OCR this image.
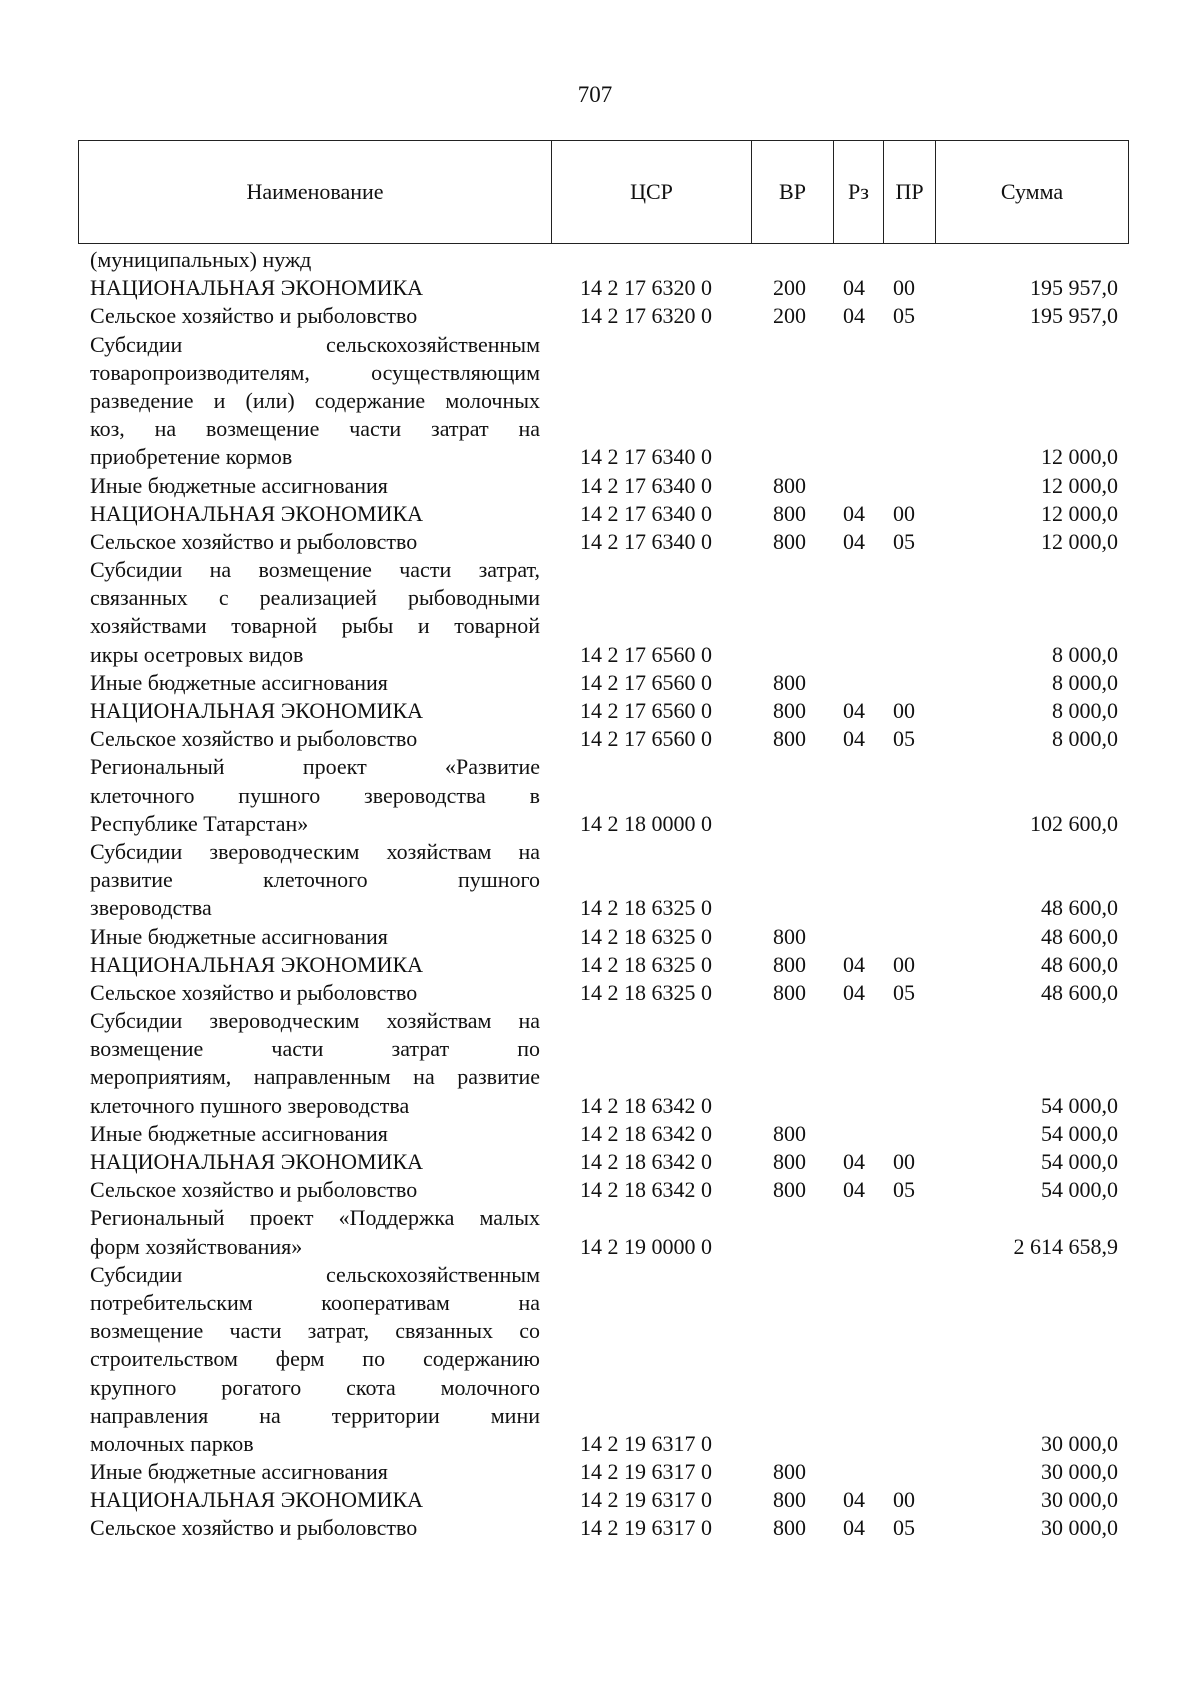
707
Наименование	ЦСР	ВР	Рз	ПР	Сумма
(муниципальных) нужд
НАЦИОНАЛЬНАЯ ЭКОНОМИКА	14 2 17 6320 0	200 04 00	195 957,0
Сельское хозяйство и рыболовство	14 2 17 6320 0	200 04 05	195 957,0
Субсидии сельскохозяйственным
товаропроизводителям, осуществляющим
разведение и (или) содержание молочных
коз, на возмещение части затрат на
приобретение кормов	14 2 17 6340 0	12 000,0
Иные бюджетные ассигнования	14 2 17 6340 0	800	12 000,0
НАЦИОНАЛЬНАЯ ЭКОНОМИКА	14 2 17 6340 0	800 04 00	12 000,0
Сельское хозяйство и рыболовство	14 2 17 6340 0	800 04 05	12 000,0
Субсидии на возмещение части затрат,
связанных с реализацией рыбоводными
хозяйствами товарной рыбы и товарной
икры осетровых видов	14 2 17 6560 0	8 000,0
Иные бюджетные ассигнования	14 2 17 6560 0	800	8 000,0
НАЦИОНАЛЬНАЯ ЭКОНОМИКА	14 2 17 6560 0	800 04 00	8 000,0
Сельское хозяйство и рыболовство	14 2 17 6560 0	800 04 05	8 000,0
Региональный проект «Развитие
клеточного пушного звероводства в
Республике Татарстан»	14 2 18 0000 0	102 600,0
Субсидии звероводческим хозяйствам на
развитие клеточного пушного
звероводства	14 2 18 6325 0	48 600,0
Иные бюджетные ассигнования	14 2 18 6325 0	800	48 600,0
НАЦИОНАЛЬНАЯ ЭКОНОМИКА	14 2 18 6325 0	800 04 00	48 600,0
Сельское хозяйство и рыболовство	14 2 18 6325 0	800 04 05	48 600,0
Субсидии звероводческим хозяйствам на
возмещение части затрат по
мероприятиям, направленным на развитие
клеточного пушного звероводства	14 2 18 6342 0	54 000,0
Иные бюджетные ассигнования	14 2 18 6342 0	800	54 000,0
НАЦИОНАЛЬНАЯ ЭКОНОМИКА	14 2 18 6342 0	800 04 00	54 000,0
Сельское хозяйство и рыболовство	14 2 18 6342 0	800 04 05	54 000,0
Региональный проект «Поддержка малых
форм хозяйствования»	14 2 19 0000 0	2 614 658,9
Субсидии сельскохозяйственным
потребительским кооперативам на
возмещение части затрат, связанных со
строительством ферм по содержанию
крупного рогатого скота молочного
направления на территории мини
молочных парков	14 2 19 6317 0	30 000,0
Иные бюджетные ассигнования	14 2 19 6317 0	800	30 000,0
НАЦИОНАЛЬНАЯ ЭКОНОМИКА	14 2 19 6317 0	800 04 00	30 000,0
Сельское хозяйство и рыболовство	14 2 19 6317 0	800 04 05	30 000,0
